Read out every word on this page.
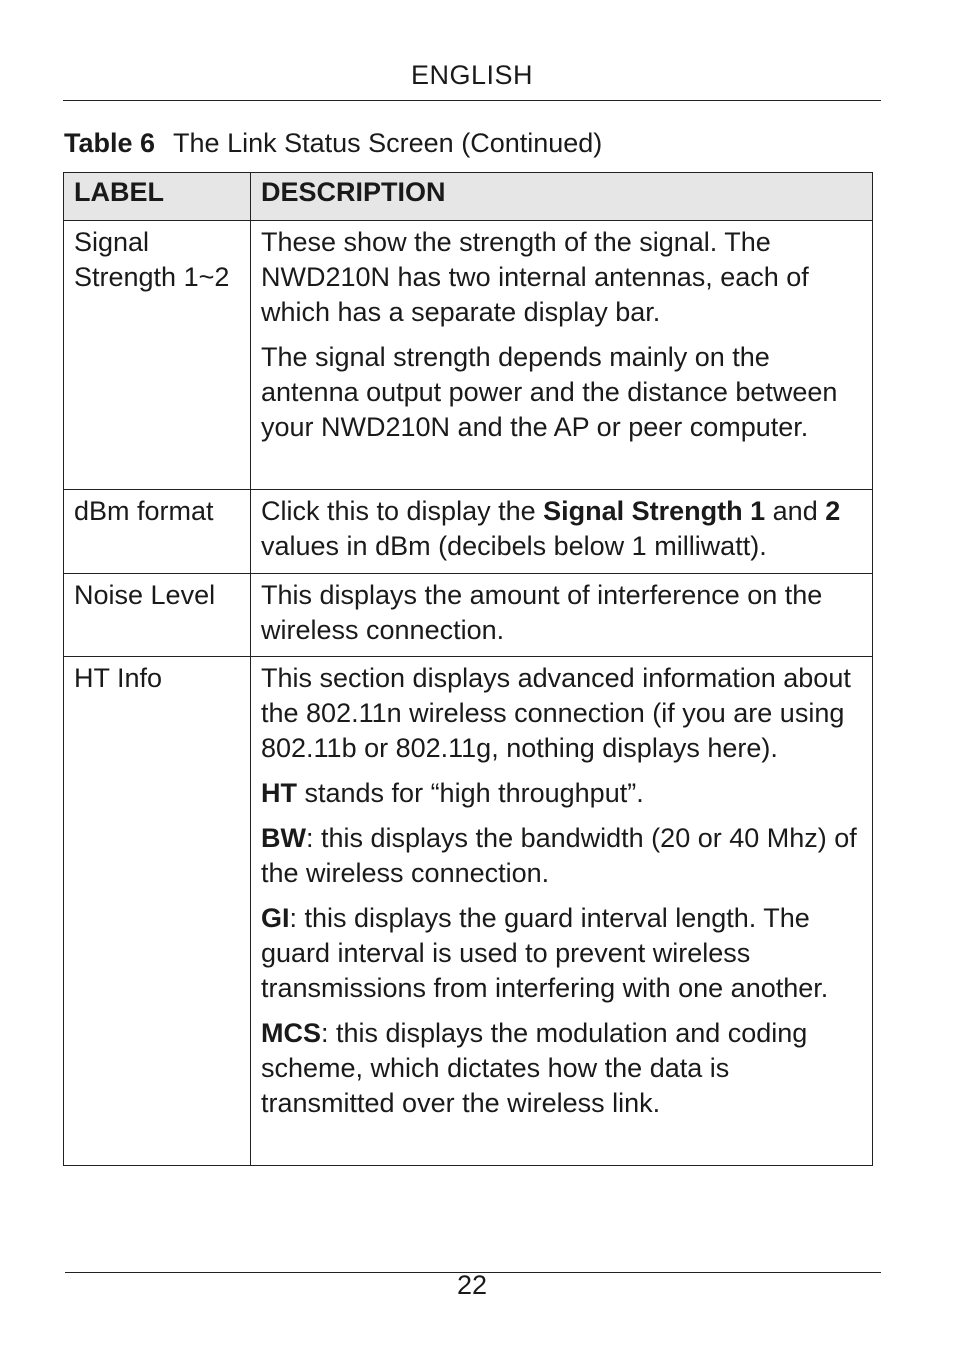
ENGLISH
Table 6 The Link Status Screen (Continued)
LABEL	DESCRIPTION
Signal Strength 1~2	These show the strength of the signal. The NWD210N has two internal antennas, each of which has a separate display bar.

The signal strength depends mainly on the antenna output power and the distance between your NWD210N and the AP or peer computer.

dBm format	Click this to display the Signal Strength 1 and 2 values in dBm (decibels below 1 milliwatt).

Noise Level	This displays the amount of interference on the wireless connection.

HT Info	This section displays advanced information about the 802.11n wireless connection (if you are using 802.11b or 802.11g, nothing displays here).

HT stands for “high throughput”.

BW: this displays the bandwidth (20 or 40 Mhz) of the wireless connection.

GI: this displays the guard interval length. The guard interval is used to prevent wireless transmissions from interfering with one another.

MCS: this displays the modulation and coding scheme, which dictates how the data is transmitted over the wireless link.

22
